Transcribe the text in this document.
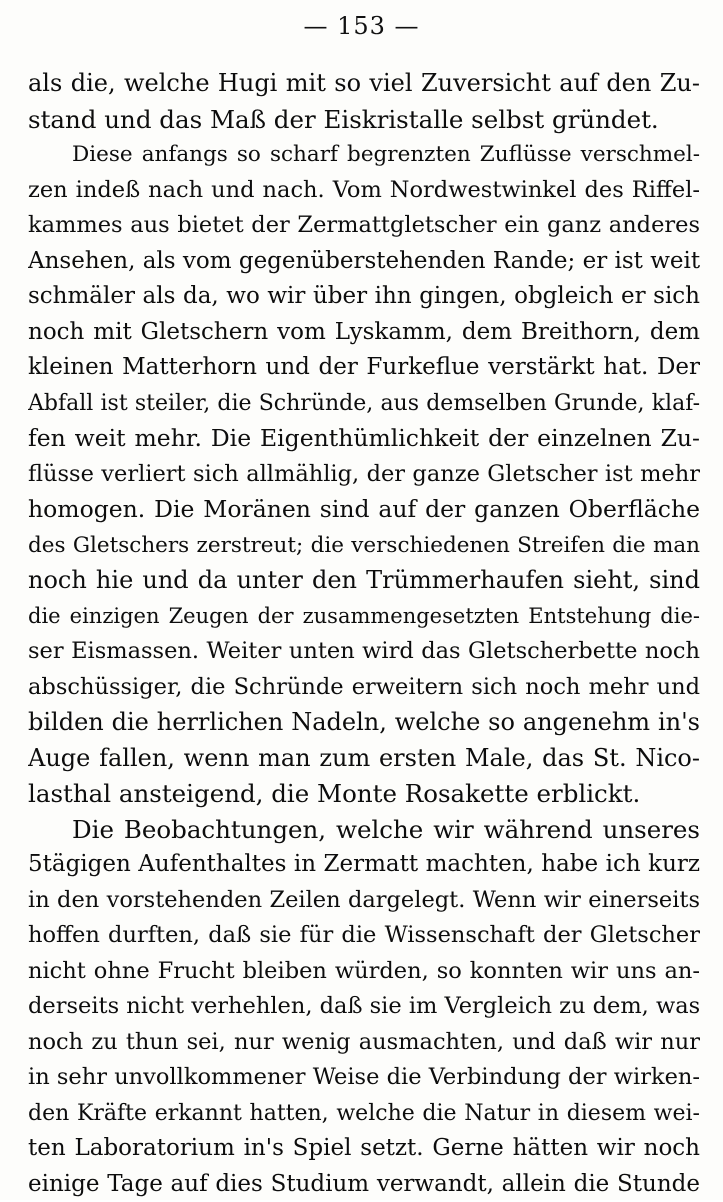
— 153 —
als die, welche Hugi mit so viel Zuversicht auf den Zu-
stand und das Maß der Eiskristalle selbst gründet.
Diese anfangs so scharf begrenzten Zuflüsse verschmel-
zen indeß nach und nach. Vom Nordwestwinkel des Riffel-
kammes aus bietet der Zermattgletscher ein ganz anderes
Ansehen, als vom gegenüberstehenden Rande; er ist weit
schmäler als da, wo wir über ihn gingen, obgleich er sich
noch mit Gletschern vom Lyskamm, dem Breithorn, dem
kleinen Matterhorn und der Furkeflue verstärkt hat. Der
Abfall ist steiler, die Schründe, aus demselben Grunde, klaf-
fen weit mehr. Die Eigenthümlichkeit der einzelnen Zu-
flüsse verliert sich allmählig, der ganze Gletscher ist mehr
homogen. Die Moränen sind auf der ganzen Oberfläche
des Gletschers zerstreut; die verschiedenen Streifen die man
noch hie und da unter den Trümmerhaufen sieht, sind
die einzigen Zeugen der zusammengesetzten Entstehung die-
ser Eismassen. Weiter unten wird das Gletscherbette noch
abschüssiger, die Schründe erweitern sich noch mehr und
bilden die herrlichen Nadeln, welche so angenehm in's
Auge fallen, wenn man zum ersten Male, das St. Nico-
lasthal ansteigend, die Monte Rosakette erblickt.
Die Beobachtungen, welche wir während unseres
5tägigen Aufenthaltes in Zermatt machten, habe ich kurz
in den vorstehenden Zeilen dargelegt. Wenn wir einerseits
hoffen durften, daß sie für die Wissenschaft der Gletscher
nicht ohne Frucht bleiben würden, so konnten wir uns an-
derseits nicht verhehlen, daß sie im Vergleich zu dem, was
noch zu thun sei, nur wenig ausmachten, und daß wir nur
in sehr unvollkommener Weise die Verbindung der wirken-
den Kräfte erkannt hatten, welche die Natur in diesem wei-
ten Laboratorium in's Spiel setzt. Gerne hätten wir noch
einige Tage auf dies Studium verwandt, allein die Stunde
